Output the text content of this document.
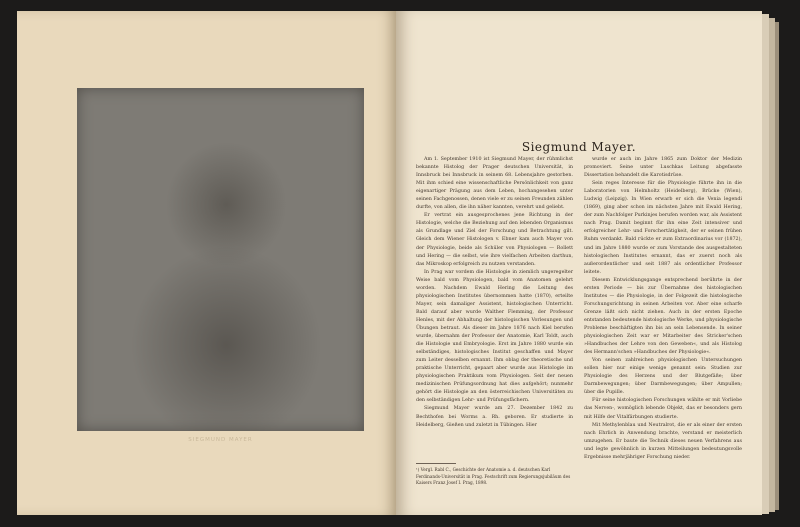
SIEGMUND MAYER
Siegmund Mayer.

Am 1. September 1910 ist Siegmund Mayer, der rühmlichst bekannte Histolog der Prager deutschen Universität, in Innsbruck bei Innsbruck in seinem 68. Lebensjahre gestorben. Mit ihm schied eine wissenschaftliche Persönlichkeit von ganz eigenartiger Prägung aus dem Leben, hochangesehen unter seinen Fachgenossen, denen viele er zu seinen Freunden zählen durfte, von allen, die ihn näher kannten, verehrt und geliebt.

Er vertrat ein ausgesprochenes jene Richtung in der Histologie, welche die Beziehung auf den lebenden Organismus als Grundlage und Ziel der Forschung und Betrachtung gilt. Gleich dem Wiener Histologen v. Ebner kam auch Mayer von der Physiologie, beide als Schüler von Physiologen — Rollett und Hering — die selbst, wie ihre vielfachen Arbeiten darthun, das Mikroskop erfolgreich zu nutzen verstanden.

In Prag war vordem die Histologie in ziemlich ungeregelter Weise bald vom Physiologen, bald vom Anatomen gelehrt worden. Nachdem Ewald Hering die Leitung des physiologischen Institutes übernommen hatte (1870), erteilte Mayer, sein damaliger Assistent, histologischen Unterricht. Bald darauf aber wurde Walther Flemming, der Professor Henles, mit der Abhaltung der histologischen Vorlesungen und Übungen betraut. Als dieser im Jahre 1876 nach Kiel berufen wurde, übernahm der Professor der Anatomie, Karl Toldt, auch die Histologie und Embryologie. Erst im Jahre 1880 wurde ein selbständiges, histologisches Institut geschaffen und Mayer zum Leiter desselben ernannt. Ihm oblag der theoretische und praktische Unterricht, gepaart aber wurde aus Histologie im physiologischen Praktikum vom Physiologen. Seit der neuen medizinischen Prüfungsordnung hat dies aufgehört; nunmehr gehört die Histologie an den österreichischen Universitäten zu den selbständigen Lehr- und Prüfungsfächern.

Siegmund Mayer wurde am 27. Dezember 1842 zu Bechthofen bei Worms a. Rh. geboren. Er studierte in Heidelberg, Gießen und zuletzt in Tübingen. Hier

wurde er auch im Jahre 1865 zum Doktor der Medizin promoviert. Seine unter Luschkas Leitung abgefasste Dissertation behandelt die Karotisdrüse.

Sein reges Interesse für die Physiologie führte ihn in die Laboratorien von Helmholtz (Heidelberg), Brücke (Wien), Ludwig (Leipzig). In Wien erwarb er sich die Venia legendi (1869), ging aber schon im nächsten Jahre mit Ewald Hering, der zum Nachfolger Purkinjes berufen worden war, als Assistent nach Prag. Damit beginnt für ihn eine Zeit intensiver und erfolgreicher Lehr- und Forschertätigkeit, der er seinen frühen Ruhm verdankt. Bald rückte er zum Extraordinarius vor (1872), und im Jahre 1880 wurde er zum Vorstande des ausgestalteten histologischen Institutes ernannt, das er zuerst noch als außerordentlicher und seit 1887 als ordentlicher Professor leitete.

Diesem Entwicklungsgange entsprechend berührte in der ersten Periode — bis zur Übernahme des histologischen Institutes — die Physiologie, in der Folgezeit die histologische Forschungsrichtung in seinen Arbeiten vor. Aber eine scharfe Grenze läßt sich nicht ziehen. Auch in der ersten Epoche entstanden bedeutende histologische Werke, und physiologische Probleme beschäftigten ihn bis an sein Lebensende. In seiner physiologischen Zeit war er Mitarbeiter des Stricker'schen »Handbuches der Lehre von den Geweben«, und als Histolog des Hermann'schen »Handbuches der Physiologie«.

Von seinen zahlreichen physiologischen Untersuchungen sollen hier nur einige wenige genannt sein: Studien zur Physiologie des Herzens und der Blutgefäße; über Darmbewegungen; über Darmbewegungen; über Ampullen; über die Pupille.

Für seine histologischen Forschungen wählte er mit Vorliebe das Nerven-, womöglich lebende Objekt, das er besonders gern mit Hilfe der Vitalfärbungen studierte.

Mit Methylenblau und Neutralrot, die er als einer der ersten nach Ehrlich in Anwendung brachte, verstand er meisterlich umzugehen. Er baute die Technik dieses neuen Verfahrens aus und legte gewöhnlich in kurzen Mitteilungen bedeutungsvolle Ergebnisse mehrjähriger Forschung nieder.

¹) Vergl. Rabl C., Geschichte der Anatomie a. d. deutschen Karl Ferdinands-Universität in Prag. Festschrift zum Regierungsjubiläum des Kaisers Franz Josef I. Prag, 1898.
